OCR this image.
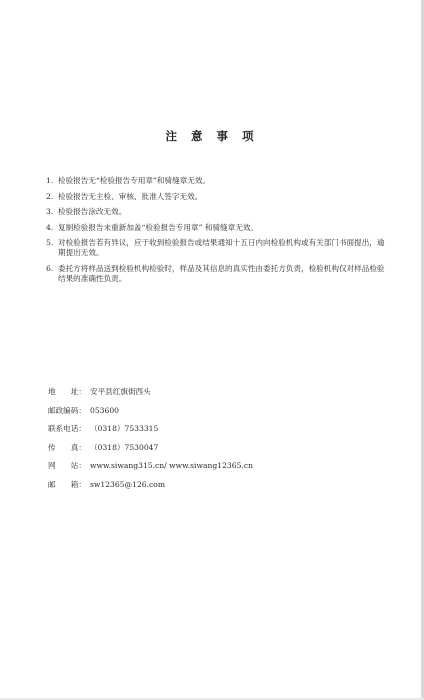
注 意 事 项
1. 检验报告无“检验报告专用章”和骑缝章无效。
2. 检验报告无主检、审核、批准人签字无效。
3. 检验报告涂改无效。
4. 复制检验报告未重新加盖“检验报告专用章” 和骑缝章无效。
5. 对检验报告若有异议，应于收到检验报告或结果通知十五日内向检验机构或有关部门书面提出，逾期提出无效。
6. 委托方将样品送到检验机构检验时，样品及其信息的真实性由委托方负责，检验机构仅对样品检验结果的准确性负责。
地　　址： 安平县红旗街西头
邮政编码： 053600
联系电话： （0318）7533315
传　　真： （0318）7530047
网　　站： www.siwang315.cn/ www.siwang12365.cn
邮　　箱： sw12365@126.com
